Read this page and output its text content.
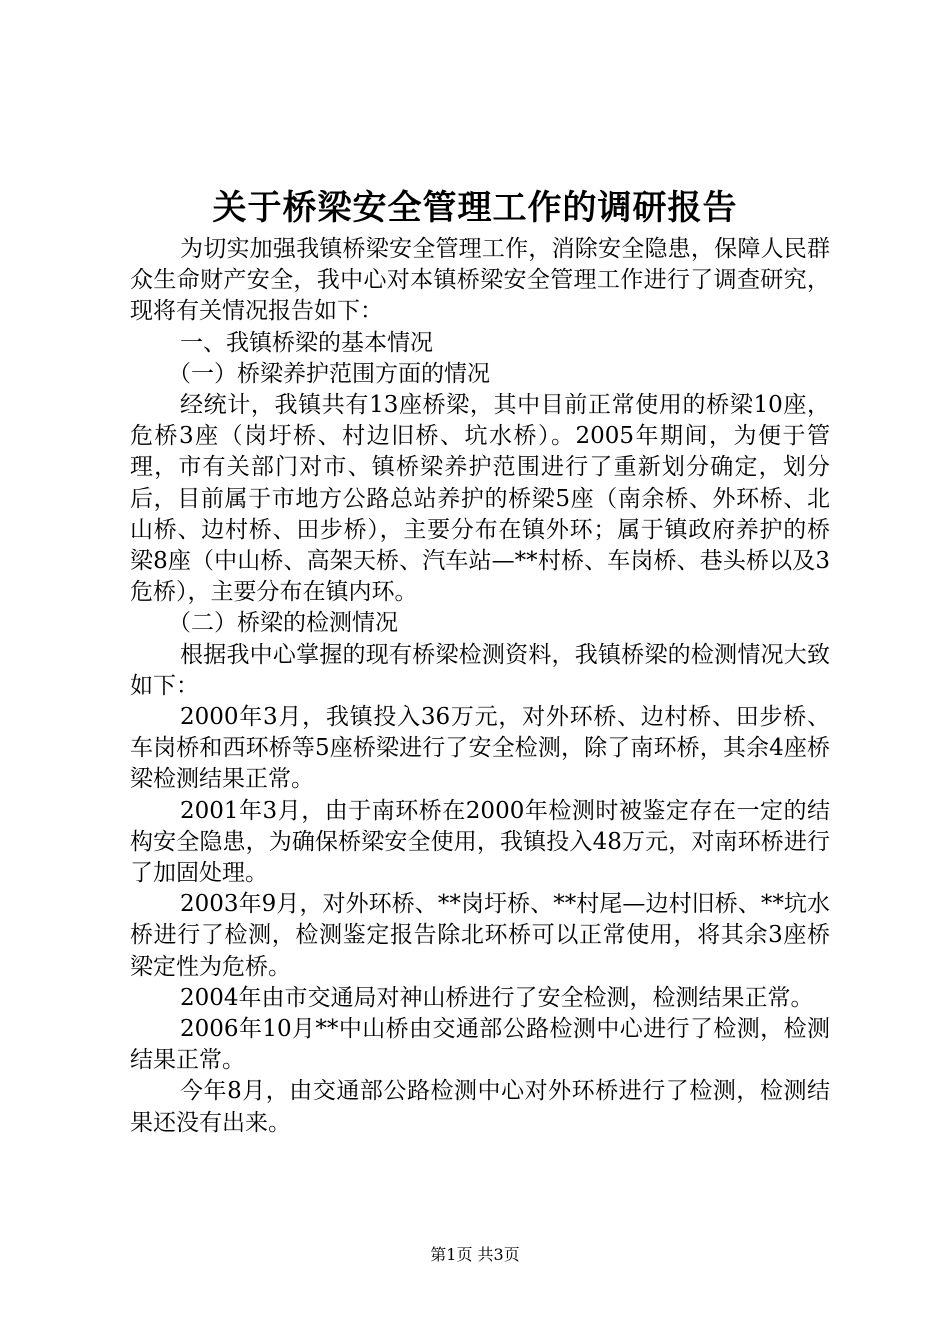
关于桥梁安全管理工作的调研报告

为切实加强我镇桥梁安全管理工作，消除安全隐患，保障人民群众生命财产安全，我中心对本镇桥梁安全管理工作进行了调查研究，现将有关情况报告如下：

一、我镇桥梁的基本情况

（一）桥梁养护范围方面的情况

经统计，我镇共有13座桥梁，其中目前正常使用的桥梁10座，危桥3座（岗圩桥、村边旧桥、坑水桥）。2005年期间，为便于管理，市有关部门对市、镇桥梁养护范围进行了重新划分确定，划分后，目前属于市地方公路总站养护的桥梁5座（南余桥、外环桥、北山桥、边村桥、田步桥），主要分布在镇外环；属于镇政府养护的桥梁8座（中山桥、高架天桥、汽车站—**村桥、车岗桥、巷头桥以及3危桥），主要分布在镇内环。

（二）桥梁的检测情况

根据我中心掌握的现有桥梁检测资料，我镇桥梁的检测情况大致如下：

2000年3月，我镇投入36万元，对外环桥、边村桥、田步桥、车岗桥和西环桥等5座桥梁进行了安全检测，除了南环桥，其余4座桥梁检测结果正常。

2001年3月，由于南环桥在2000年检测时被鉴定存在一定的结构安全隐患，为确保桥梁安全使用，我镇投入48万元，对南环桥进行了加固处理。

2003年9月，对外环桥、**岗圩桥、**村尾—边村旧桥、**坑水桥进行了检测，检测鉴定报告除北环桥可以正常使用，将其余3座桥梁定性为危桥。

2004年由市交通局对神山桥进行了安全检测，检测结果正常。

2006年10月**中山桥由交通部公路检测中心进行了检测，检测结果正常。

今年8月，由交通部公路检测中心对外环桥进行了检测，检测结果还没有出来。

第1页 共3页
